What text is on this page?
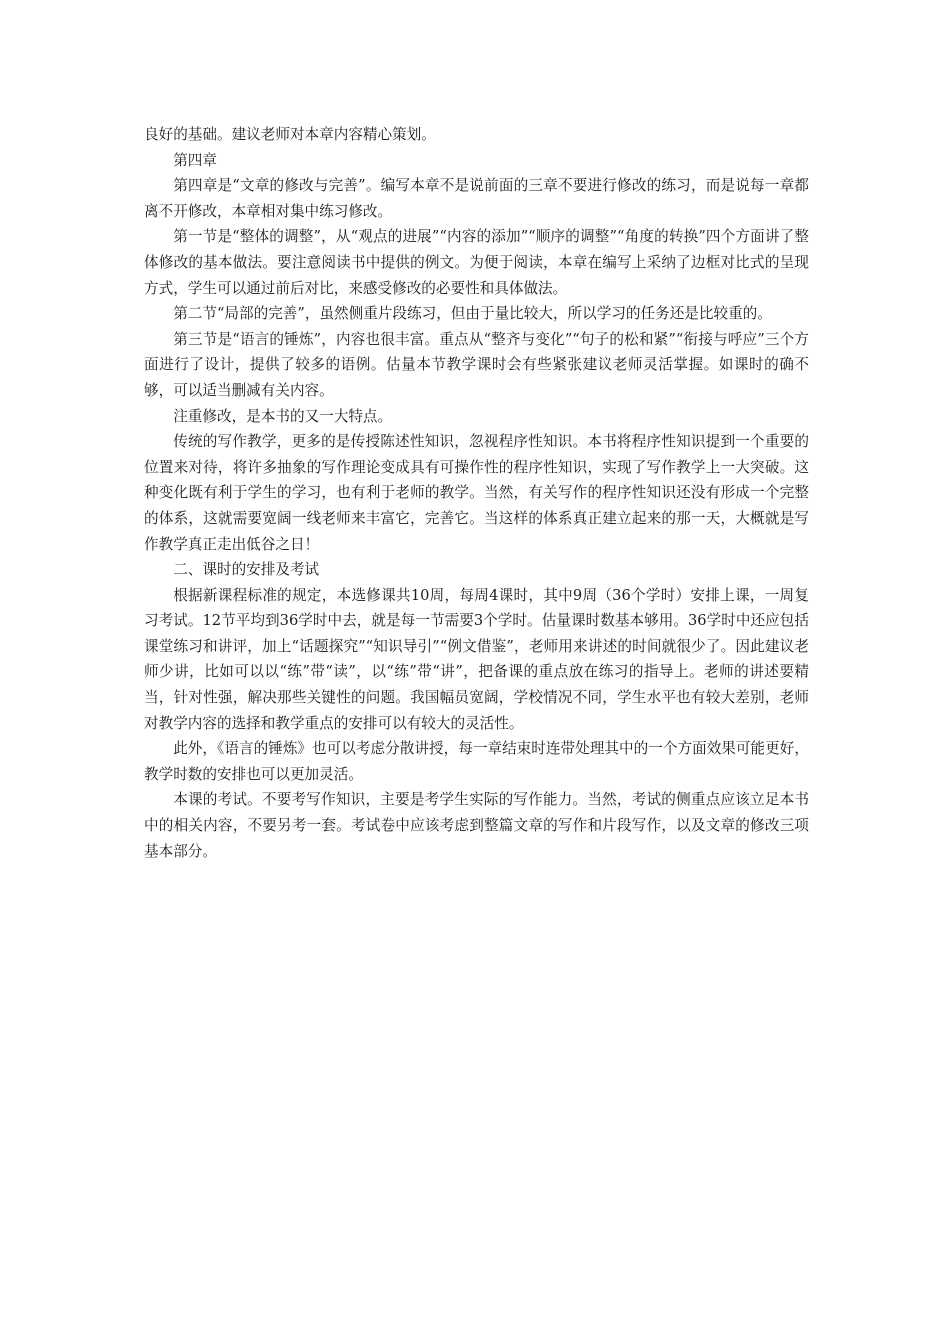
良好的基础。建议老师对本章内容精心策划。

第四章

第四章是“文章的修改与完善”。编写本章不是说前面的三章不要进行修改的练习，而是说每一章都离不开修改，本章相对集中练习修改。

第一节是“整体的调整”，从“观点的进展”“内容的添加”“顺序的调整”“角度的转换”四个方面讲了整体修改的基本做法。要注意阅读书中提供的例文。为便于阅读，本章在编写上采纳了边框对比式的呈现方式，学生可以通过前后对比，来感受修改的必要性和具体做法。

第二节“局部的完善”，虽然侧重片段练习，但由于量比较大，所以学习的任务还是比较重的。

第三节是“语言的锤炼”，内容也很丰富。重点从“整齐与变化”“句子的松和紧”“衔接与呼应”三个方面进行了设计，提供了较多的语例。估量本节教学课时会有些紧张建议老师灵活掌握。如课时的确不够，可以适当删减有关内容。

注重修改，是本书的又一大特点。

传统的写作教学，更多的是传授陈述性知识，忽视程序性知识。本书将程序性知识提到一个重要的位置来对待，将许多抽象的写作理论变成具有可操作性的程序性知识，实现了写作教学上一大突破。这种变化既有利于学生的学习，也有利于老师的教学。当然，有关写作的程序性知识还没有形成一个完整的体系，这就需要宽阔一线老师来丰富它，完善它。当这样的体系真正建立起来的那一天，大概就是写作教学真正走出低谷之日！

二、课时的安排及考试

根据新课程标准的规定，本选修课共10周，每周4课时，其中9周（36个学时）安排上课，一周复习考试。12节平均到36学时中去，就是每一节需要3个学时。估量课时数基本够用。36学时中还应包括课堂练习和讲评，加上“话题探究”“知识导引”“例文借鉴”，老师用来讲述的时间就很少了。因此建议老师少讲，比如可以以“练”带“读”，以“练”带“讲”，把备课的重点放在练习的指导上。老师的讲述要精当，针对性强，解决那些关键性的问题。我国幅员宽阔，学校情况不同，学生水平也有较大差别，老师对教学内容的选择和教学重点的安排可以有较大的灵活性。

此外，《语言的锤炼》也可以考虑分散讲授，每一章结束时连带处理其中的一个方面效果可能更好，教学时数的安排也可以更加灵活。

本课的考试。不要考写作知识，主要是考学生实际的写作能力。当然，考试的侧重点应该立足本书中的相关内容，不要另考一套。考试卷中应该考虑到整篇文章的写作和片段写作，以及文章的修改三项基本部分。
